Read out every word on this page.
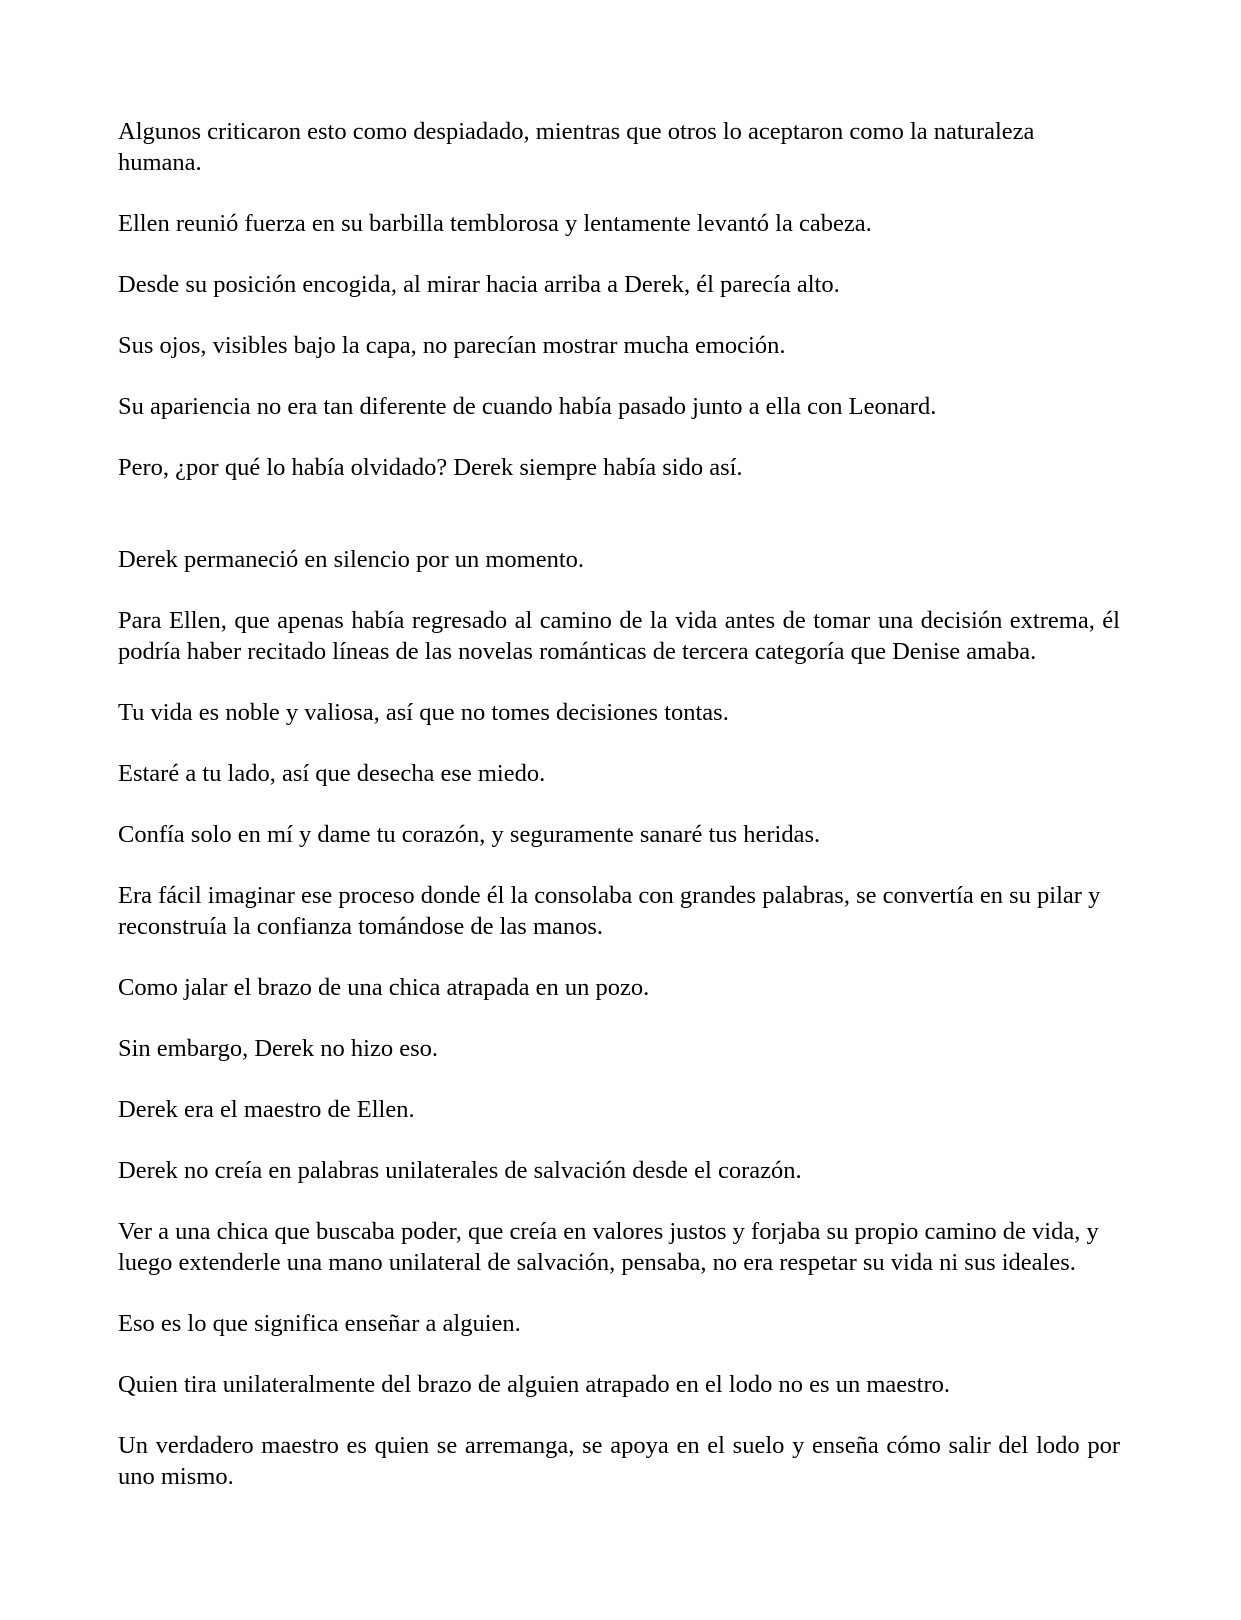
Algunos criticaron esto como despiadado, mientras que otros lo aceptaron como la naturaleza humana.

Ellen reunió fuerza en su barbilla temblorosa y lentamente levantó la cabeza.

Desde su posición encogida, al mirar hacia arriba a Derek, él parecía alto.

Sus ojos, visibles bajo la capa, no parecían mostrar mucha emoción.

Su apariencia no era tan diferente de cuando había pasado junto a ella con Leonard.

Pero, ¿por qué lo había olvidado? Derek siempre había sido así.

Derek permaneció en silencio por un momento.

Para Ellen, que apenas había regresado al camino de la vida antes de tomar una decisión extrema, él podría haber recitado líneas de las novelas románticas de tercera categoría que Denise amaba.

Tu vida es noble y valiosa, así que no tomes decisiones tontas.

Estaré a tu lado, así que desecha ese miedo.

Confía solo en mí y dame tu corazón, y seguramente sanaré tus heridas.

Era fácil imaginar ese proceso donde él la consolaba con grandes palabras, se convertía en su pilar y reconstruía la confianza tomándose de las manos.

Como jalar el brazo de una chica atrapada en un pozo.

Sin embargo, Derek no hizo eso.

Derek era el maestro de Ellen.

Derek no creía en palabras unilaterales de salvación desde el corazón.

Ver a una chica que buscaba poder, que creía en valores justos y forjaba su propio camino de vida, y luego extenderle una mano unilateral de salvación, pensaba, no era respetar su vida ni sus ideales.

Eso es lo que significa enseñar a alguien.

Quien tira unilateralmente del brazo de alguien atrapado en el lodo no es un maestro.

Un verdadero maestro es quien se arremanga, se apoya en el suelo y enseña cómo salir del lodo por uno mismo.
